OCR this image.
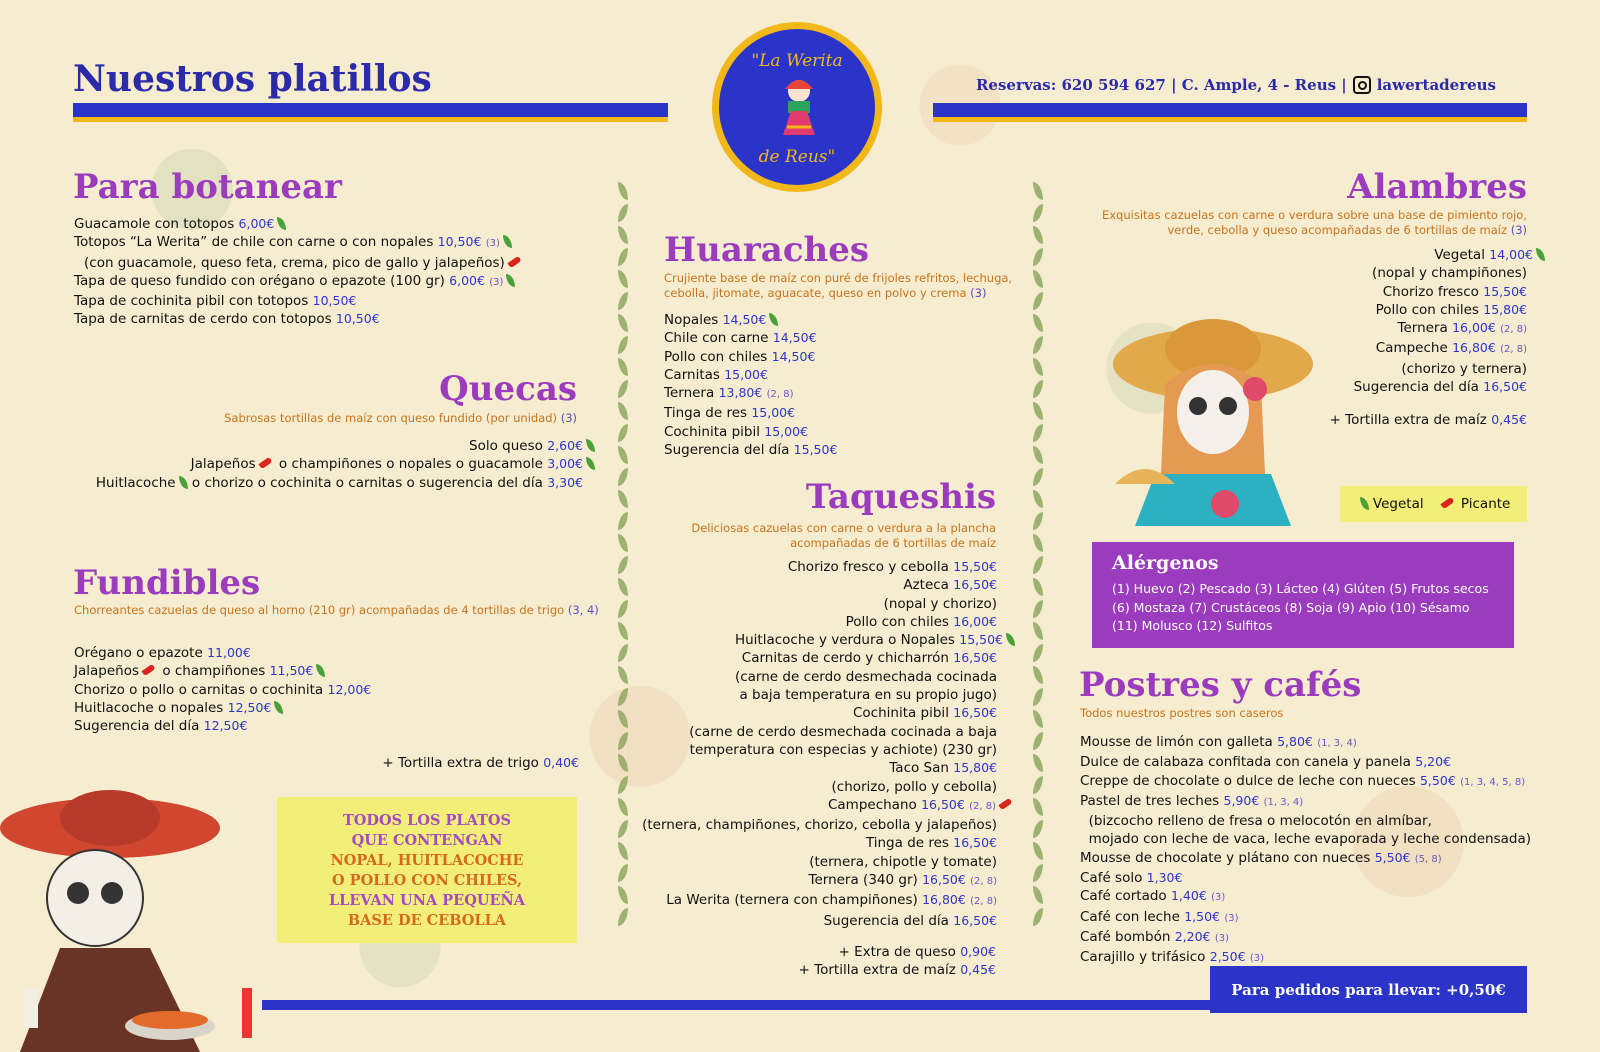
Nuestros platillos	Reservas: 620 594 627 | C. Ample, 4 - Reus | lawertadereus
"La Werita
de Reus"
Para botanear
Guacamole con totopos 6,00€
Totopos “La Werita” de chile con carne o con nopales 10,50€ (3)
(con guacamole, queso feta, crema, pico de gallo y jalapeños)
Tapa de queso fundido con orégano o epazote (100 gr) 6,00€ (3)
Tapa de cochinita pibil con totopos 10,50€
Tapa de carnitas de cerdo con totopos 10,50€
Quecas
Sabrosas tortillas de maíz con queso fundido (por unidad) (3)
Solo queso 2,60€
Jalapeños o champiñones o nopales o guacamole 3,00€
Huitlacoche o chorizo o cochinita o carnitas o sugerencia del día 3,30€
Fundibles
Chorreantes cazuelas de queso al horno (210 gr) acompañadas de 4 tortillas de trigo (3, 4)
Orégano o epazote 11,00€
Jalapeños o champiñones 11,50€
Chorizo o pollo o carnitas o cochinita 12,00€
Huitlacoche o nopales 12,50€
Sugerencia del día 12,50€
+ Tortilla extra de trigo 0,40€
TODOS LOS PLATOS
QUE CONTENGAN
NOPAL, HUITLACOCHE
O POLLO CON CHILES,
LLEVAN UNA PEQUEÑA
BASE DE CEBOLLA
Huaraches
Crujiente base de maíz con puré de frijoles refritos, lechuga,
cebolla, jitomate, aguacate, queso en polvo y crema (3)
Nopales 14,50€
Chile con carne 14,50€
Pollo con chiles 14,50€
Carnitas 15,00€
Ternera 13,80€ (2, 8)
Tinga de res 15,00€
Cochinita pibil 15,00€
Sugerencia del día 15,50€
Taqueshis
Deliciosas cazuelas con carne o verdura a la plancha
acompañadas de 6 tortillas de maíz
Chorizo fresco y cebolla 15,50€
Azteca 16,50€
(nopal y chorizo)
Pollo con chiles 16,00€
Huitlacoche y verdura o Nopales 15,50€
Carnitas de cerdo y chicharrón 16,50€
(carne de cerdo desmechada cocinada
a baja temperatura en su propio jugo)
Cochinita pibil 16,50€
(carne de cerdo desmechada cocinada a baja
temperatura con especias y achiote) (230 gr)
Taco San 15,80€
(chorizo, pollo y cebolla)
Campechano 16,50€ (2, 8)
(ternera, champiñones, chorizo, cebolla y jalapeños)
Tinga de res 16,50€
(ternera, chipotle y tomate)
Ternera (340 gr) 16,50€ (2, 8)
La Werita (ternera con champiñones) 16,80€ (2, 8)
Sugerencia del día 16,50€
+ Extra de queso 0,90€
+ Tortilla extra de maíz 0,45€
Alambres
Exquisitas cazuelas con carne o verdura sobre una base de pimiento rojo,
verde, cebolla y queso acompañadas de 6 tortillas de maíz (3)
Vegetal 14,00€
(nopal y champiñones)
Chorizo fresco 15,50€
Pollo con chiles 15,80€
Ternera 16,00€ (2, 8)
Campeche 16,80€ (2, 8)
(chorizo y ternera)
Sugerencia del día 16,50€
+ Tortilla extra de maíz 0,45€
Vegetal	Picante
Alérgenos
(1) Huevo (2) Pescado (3) Lácteo (4) Glúten (5) Frutos secos
(6) Mostaza (7) Crustáceos (8) Soja (9) Apio (10) Sésamo
(11) Molusco (12) Sulfitos
Postres y cafés
Todos nuestros postres son caseros
Mousse de limón con galleta 5,80€ (1, 3, 4)
Dulce de calabaza confitada con canela y panela 5,20€
Creppe de chocolate o dulce de leche con nueces 5,50€ (1, 3, 4, 5, 8)
Pastel de tres leches 5,90€ (1, 3, 4)
(bizcocho relleno de fresa o melocotón en almíbar,
mojado con leche de vaca, leche evaporada y leche condensada)
Mousse de chocolate y plátano con nueces 5,50€ (5, 8)
Café solo 1,30€
Café cortado 1,40€ (3)
Café con leche 1,50€ (3)
Café bombón 2,20€ (3)
Carajillo y trifásico 2,50€ (3)
Para pedidos para llevar: +0,50€
